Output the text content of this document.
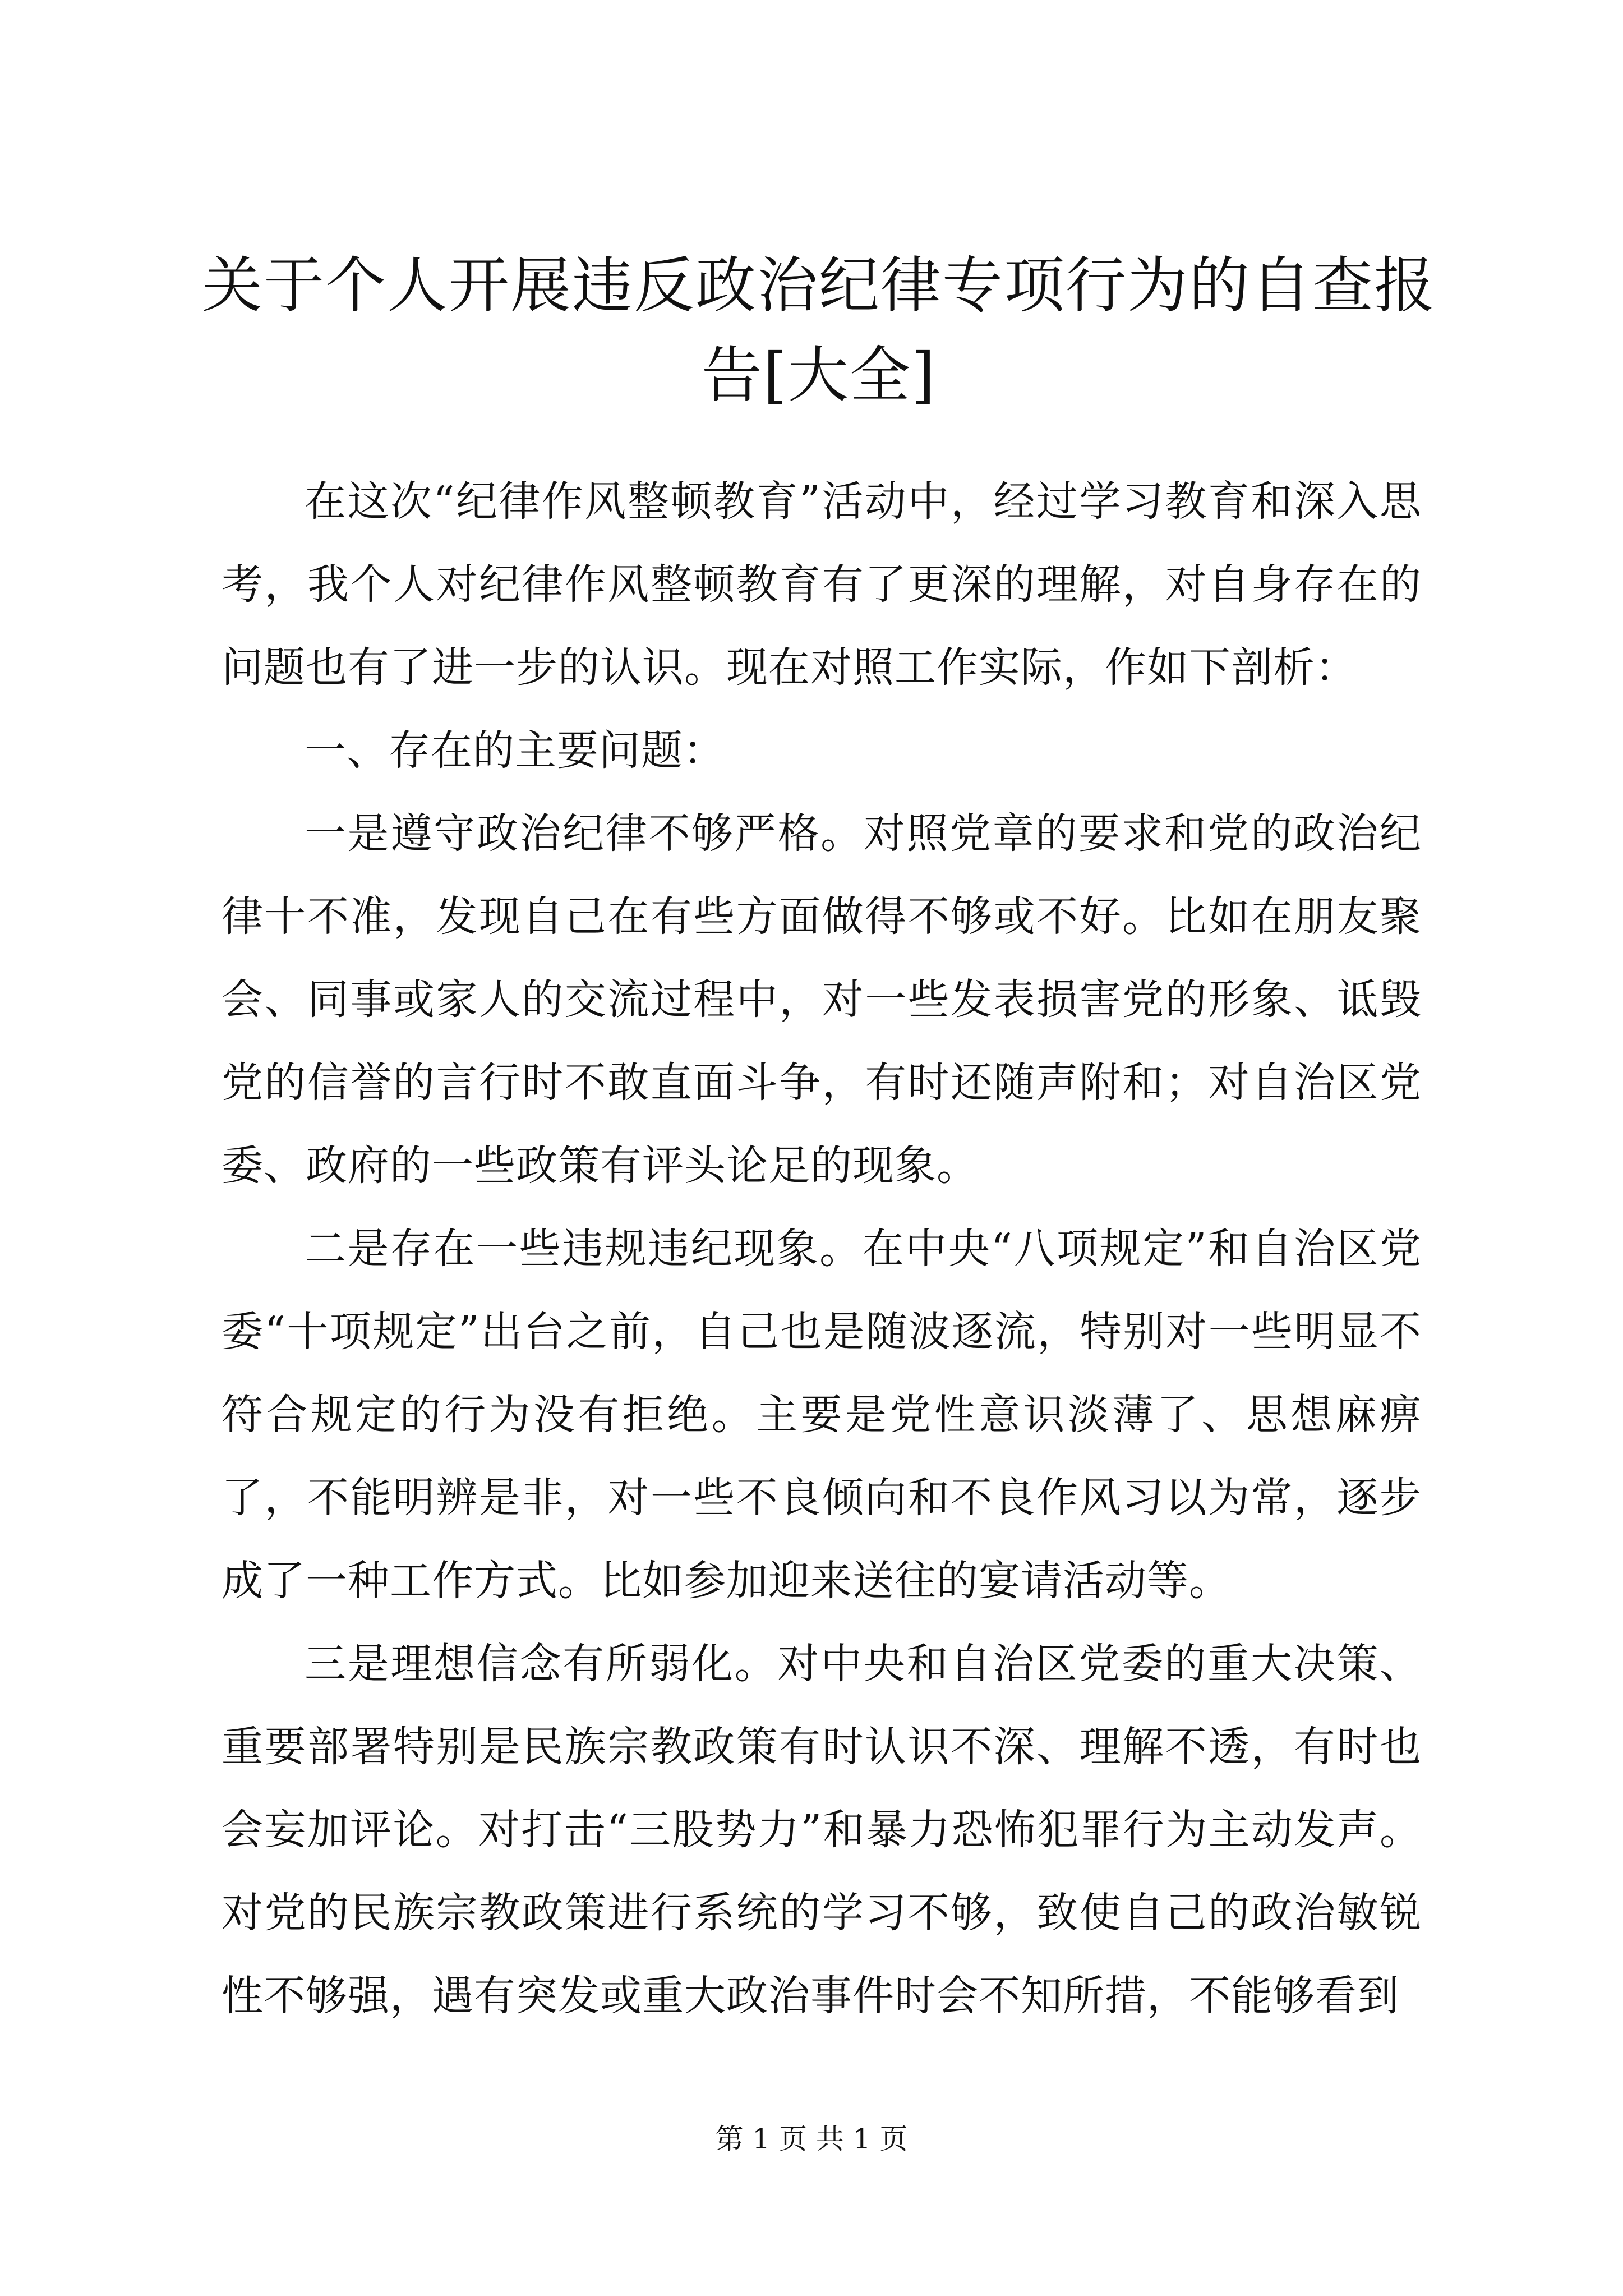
关于个人开展违反政治纪律专项行为的自查报告[大全]

在这次“纪律作风整顿教育”活动中，经过学习教育和深入思考，我个人对纪律作风整顿教育有了更深的理解，对自身存在的问题也有了进一步的认识。现在对照工作实际，作如下剖析：

一、存在的主要问题：

一是遵守政治纪律不够严格。对照党章的要求和党的政治纪律十不准，发现自己在有些方面做得不够或不好。比如在朋友聚会、同事或家人的交流过程中，对一些发表损害党的形象、诋毁党的信誉的言行时不敢直面斗争，有时还随声附和；对自治区党委、政府的一些政策有评头论足的现象。

二是存在一些违规违纪现象。在中央“八项规定”和自治区党委“十项规定”出台之前，自己也是随波逐流，特别对一些明显不符合规定的行为没有拒绝。主要是党性意识淡薄了、思想麻痹了，不能明辨是非，对一些不良倾向和不良作风习以为常，逐步成了一种工作方式。比如参加迎来送往的宴请活动等。

三是理想信念有所弱化。对中央和自治区党委的重大决策、重要部署特别是民族宗教政策有时认识不深、理解不透，有时也会妄加评论。对打击“三股势力”和暴力恐怖犯罪行为主动发声。对党的民族宗教政策进行系统的学习不够，致使自己的政治敏锐性不够强，遇有突发或重大政治事件时会不知所措，不能够看到

第 1 页 共 1 页
